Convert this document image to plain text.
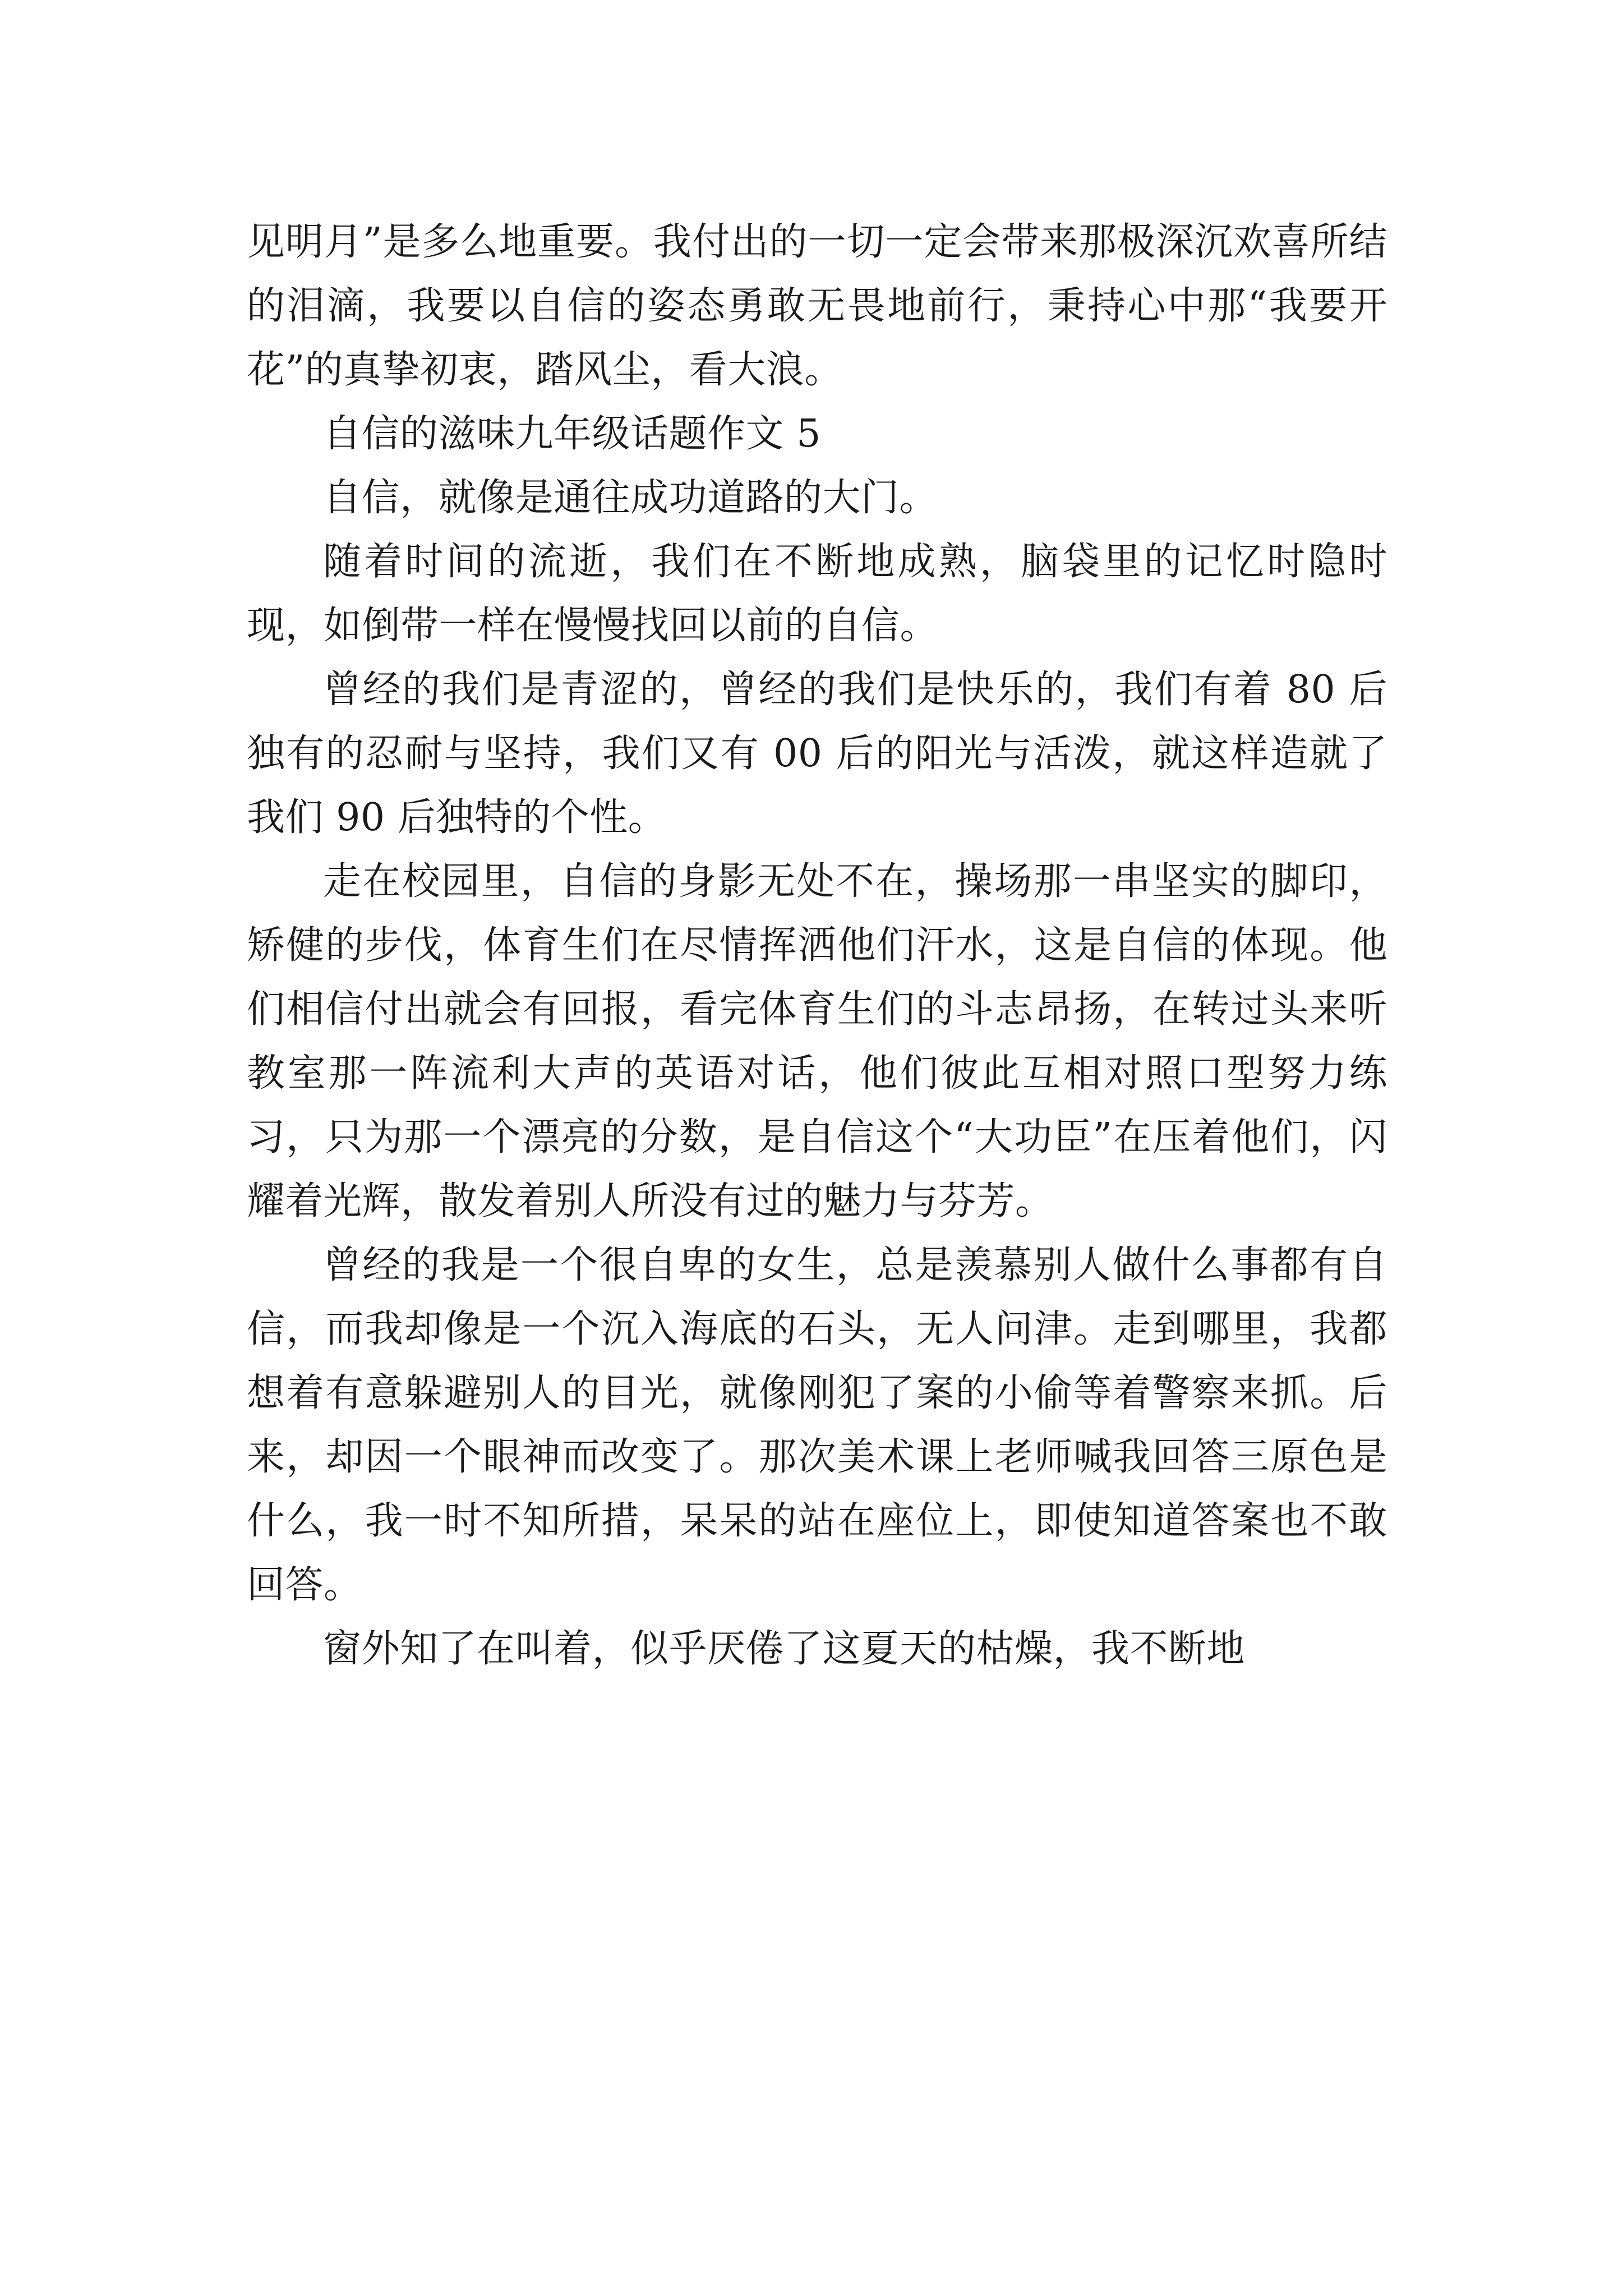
见明月”是多么地重要。我付出的一切一定会带来那极深沉欢喜所结的泪滴，我要以自信的姿态勇敢无畏地前行，秉持心中那“我要开花”的真挚初衷，踏风尘，看大浪。

自信的滋味九年级话题作文 5

自信，就像是通往成功道路的大门。

随着时间的流逝，我们在不断地成熟，脑袋里的记忆时隐时现，如倒带一样在慢慢找回以前的自信。

曾经的我们是青涩的，曾经的我们是快乐的，我们有着 80 后独有的忍耐与坚持，我们又有 00 后的阳光与活泼，就这样造就了我们 90 后独特的个性。

走在校园里，自信的身影无处不在，操场那一串坚实的脚印，矫健的步伐，体育生们在尽情挥洒他们汗水，这是自信的体现。他们相信付出就会有回报，看完体育生们的斗志昂扬，在转过头来听教室那一阵流利大声的英语对话，他们彼此互相对照口型努力练习，只为那一个漂亮的分数，是自信这个“大功臣”在压着他们，闪耀着光辉，散发着别人所没有过的魅力与芬芳。

曾经的我是一个很自卑的女生，总是羡慕别人做什么事都有自信，而我却像是一个沉入海底的石头，无人问津。走到哪里，我都想着有意躲避别人的目光，就像刚犯了案的小偷等着警察来抓。后来，却因一个眼神而改变了。那次美术课上老师喊我回答三原色是什么，我一时不知所措，呆呆的站在座位上，即使知道答案也不敢回答。

窗外知了在叫着，似乎厌倦了这夏天的枯燥，我不断地
